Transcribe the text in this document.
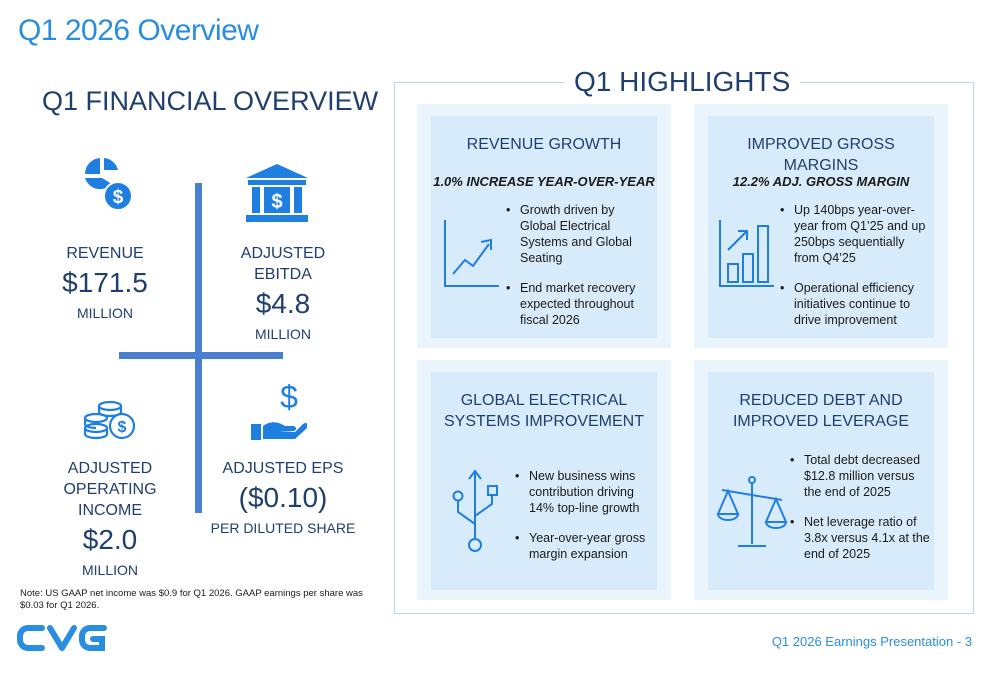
Q1 2026 Overview
Q1 FINANCIAL OVERVIEW
$
REVENUE
$171.5
MILLION
$
ADJUSTED EBITDA
$4.8
MILLION
$
ADJUSTED
OPERATING INCOME
$2.0
MILLION
$
ADJUSTED EPS
($0.10)
PER DILUTED SHARE
Q1 HIGHLIGHTS
REVENUE GROWTH
1.0% INCREASE YEAR-OVER-YEAR
• Growth driven by Global Electrical Systems and Global Seating
• End market recovery expected throughout fiscal 2026
IMPROVED GROSS MARGINS
12.2% ADJ. GROSS MARGIN
• Up 140bps year-over-year from Q1’25 and up 250bps sequentially from Q4’25
• Operational efficiency initiatives continue to drive improvement
GLOBAL ELECTRICAL
SYSTEMS IMPROVEMENT
• New business wins contribution driving 14% top-line growth
• Year-over-year gross margin expansion
REDUCED DEBT AND
IMPROVED LEVERAGE
• Total debt decreased $12.8 million versus the end of 2025
• Net leverage ratio of 3.8x versus 4.1x at the end of 2025
Note: US GAAP net income was $0.9 for Q1 2026. GAAP earnings per share was $0.03 for Q1 2026.
Q1 2026 Earnings Presentation - 3
